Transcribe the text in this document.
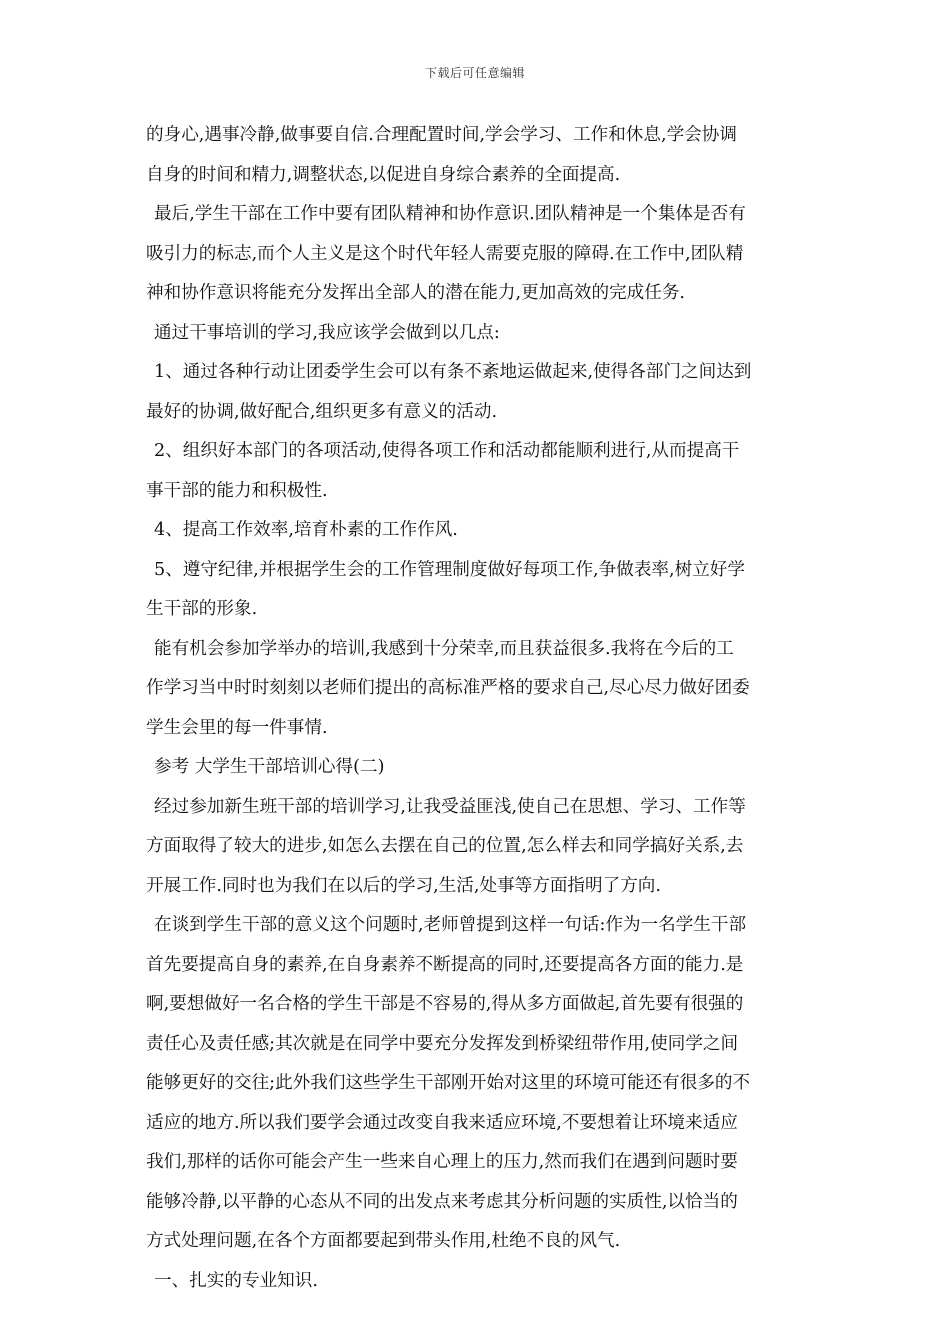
下载后可任意编辑
的身心,遇事冷静,做事要自信.合理配置时间,学会学习、工作和休息,学会协调
自身的时间和精力,调整状态,以促进自身综合素养的全面提高.
最后,学生干部在工作中要有团队精神和协作意识.团队精神是一个集体是否有
吸引力的标志,而个人主义是这个时代年轻人需要克服的障碍.在工作中,团队精
神和协作意识将能充分发挥出全部人的潜在能力,更加高效的完成任务.
通过干事培训的学习,我应该学会做到以几点:
1、通过各种行动让团委学生会可以有条不紊地运做起来,使得各部门之间达到
最好的协调,做好配合,组织更多有意义的活动.
2、组织好本部门的各项活动,使得各项工作和活动都能顺利进行,从而提高干
事干部的能力和积极性.
4、提高工作效率,培育朴素的工作作风.
5、遵守纪律,并根据学生会的工作管理制度做好每项工作,争做表率,树立好学
生干部的形象.
能有机会参加学举办的培训,我感到十分荣幸,而且获益很多.我将在今后的工
作学习当中时时刻刻以老师们提出的高标准严格的要求自己,尽心尽力做好团委
学生会里的每一件事情.
参考 大学生干部培训心得(二)
经过参加新生班干部的培训学习,让我受益匪浅,使自己在思想、学习、工作等
方面取得了较大的进步,如怎么去摆在自己的位置,怎么样去和同学搞好关系,去
开展工作.同时也为我们在以后的学习,生活,处事等方面指明了方向.
在谈到学生干部的意义这个问题时,老师曾提到这样一句话:作为一名学生干部
首先要提高自身的素养,在自身素养不断提高的同时,还要提高各方面的能力.是
啊,要想做好一名合格的学生干部是不容易的,得从多方面做起,首先要有很强的
责任心及责任感;其次就是在同学中要充分发挥发到桥梁纽带作用,使同学之间
能够更好的交往;此外我们这些学生干部刚开始对这里的环境可能还有很多的不
适应的地方.所以我们要学会通过改变自我来适应环境,不要想着让环境来适应
我们,那样的话你可能会产生一些来自心理上的压力,然而我们在遇到问题时要
能够冷静,以平静的心态从不同的出发点来考虑其分析问题的实质性,以恰当的
方式处理问题,在各个方面都要起到带头作用,杜绝不良的风气.
一、扎实的专业知识.
